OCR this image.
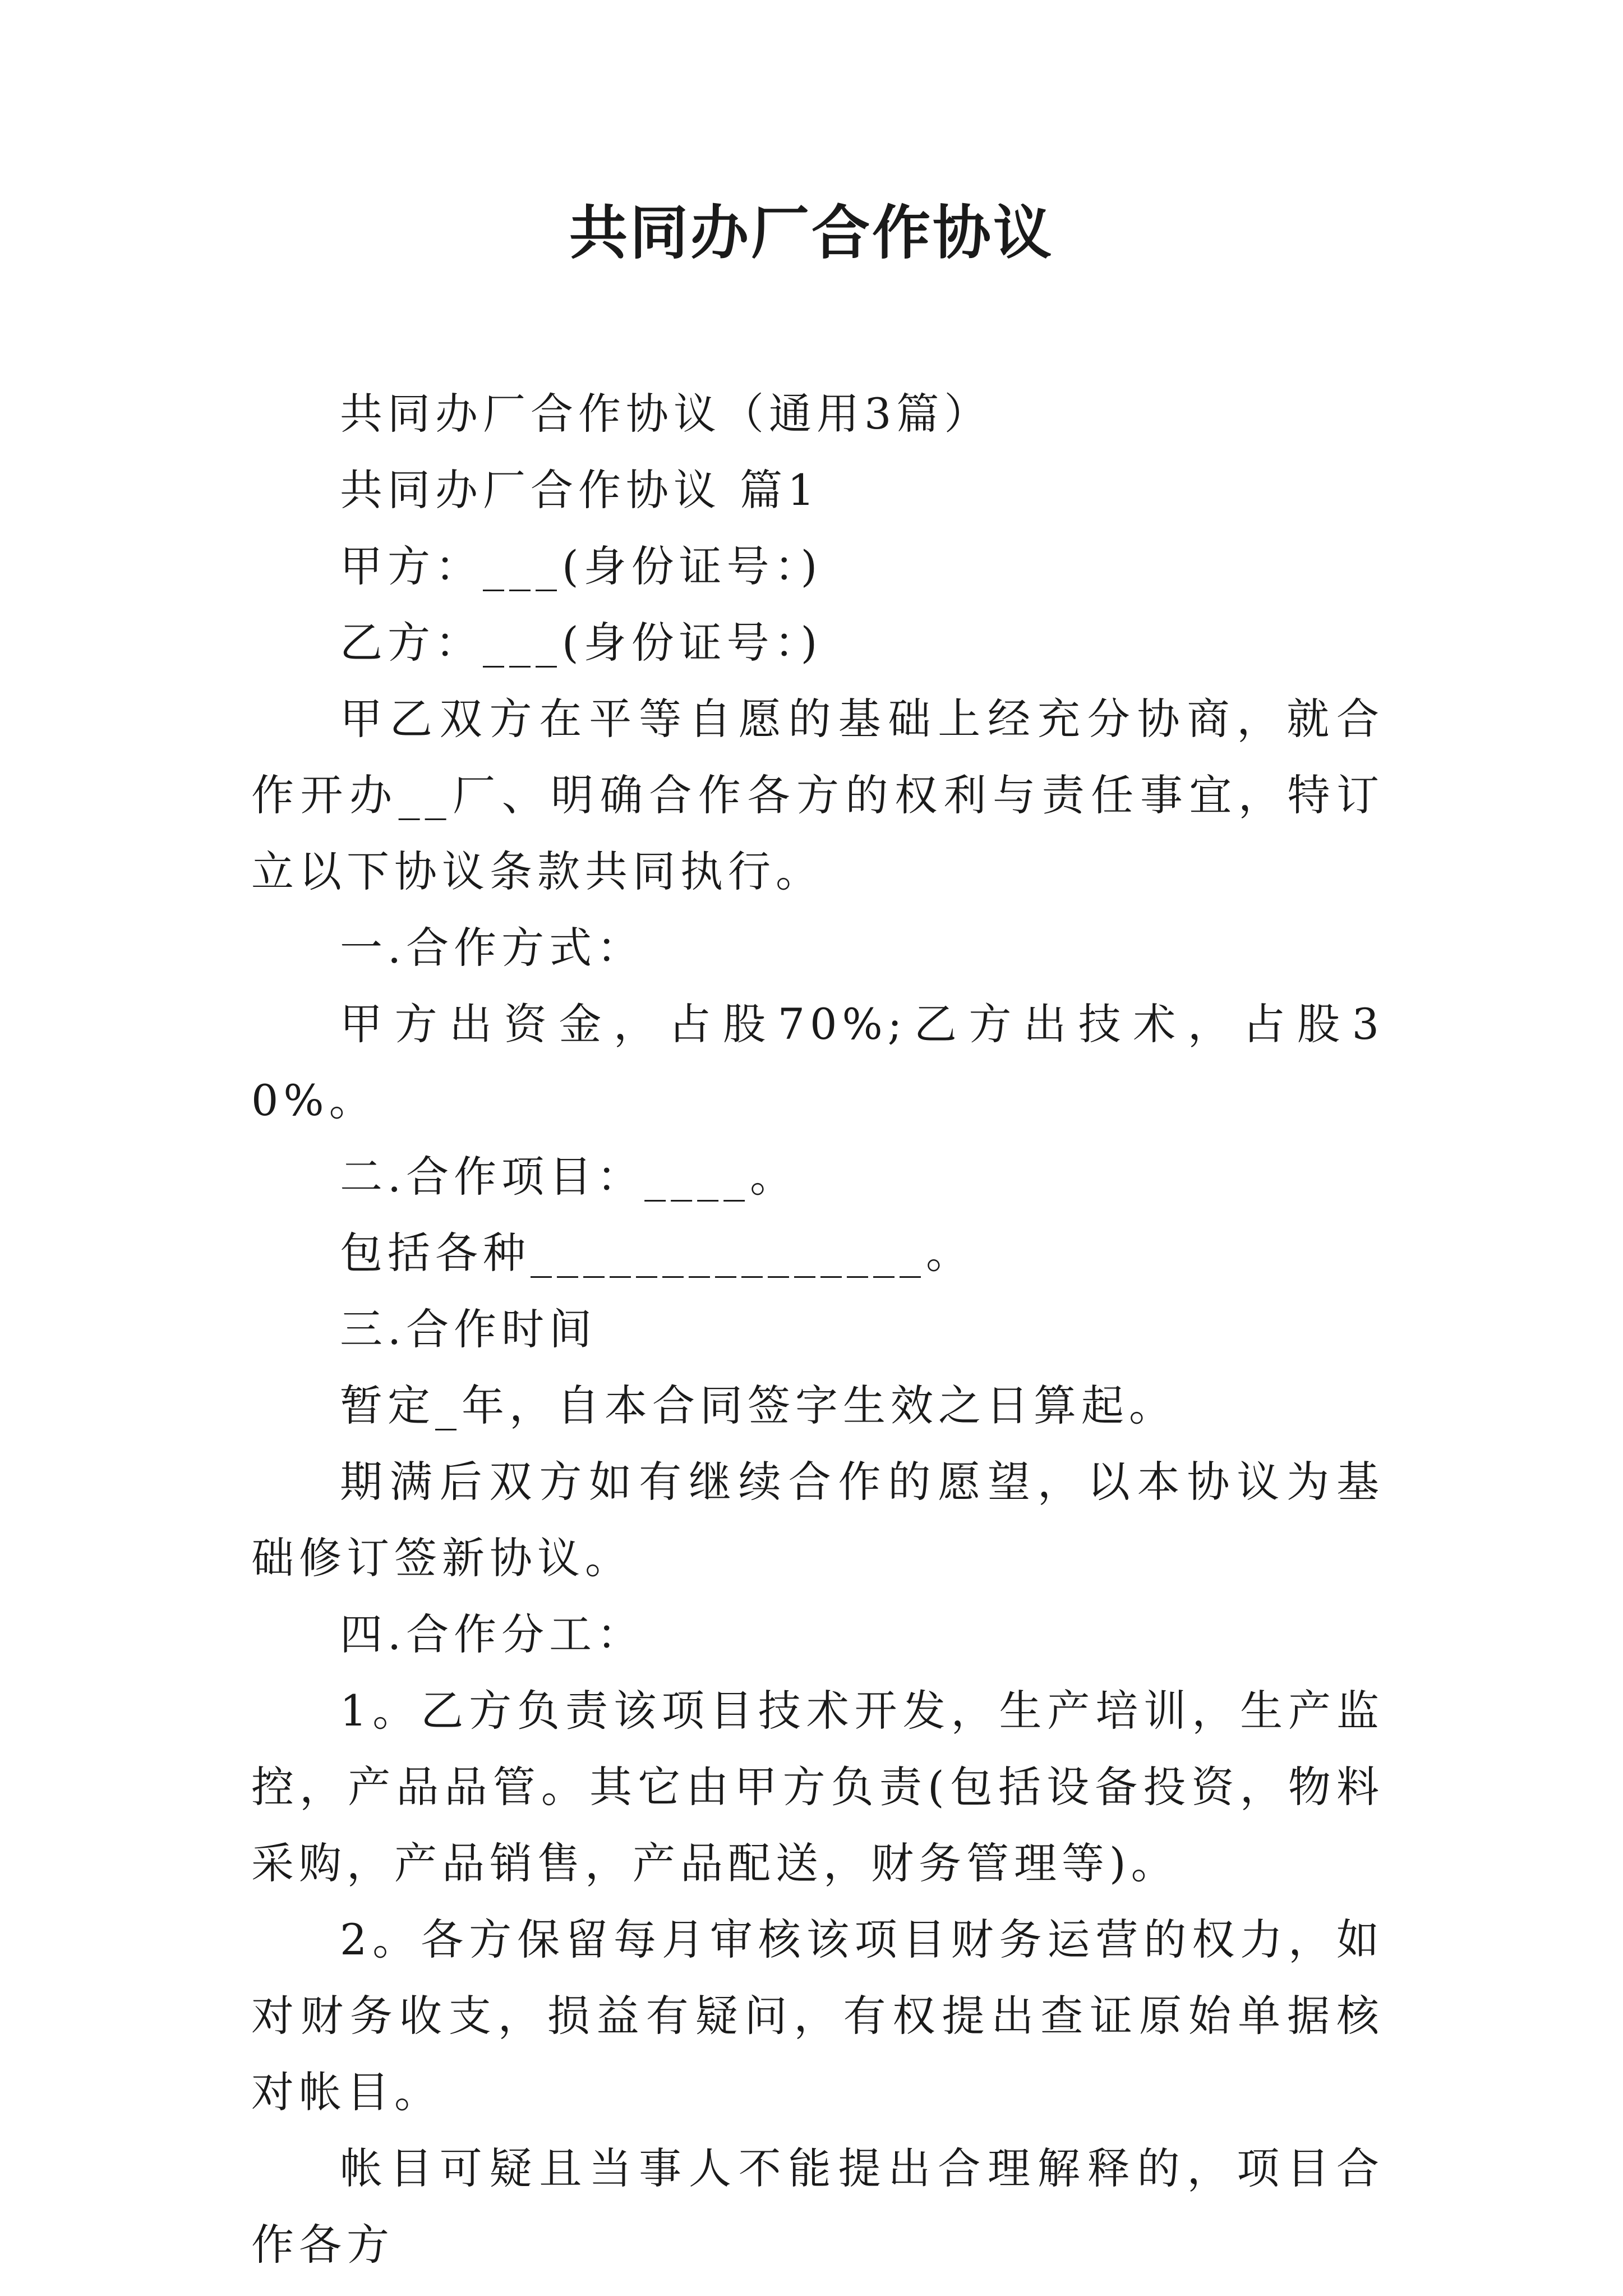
共同办厂合作协议

共同办厂合作协议（通用3篇）

共同办厂合作协议 篇1

甲方：___(身份证号：)

乙方：___(身份证号：)

甲乙双方在平等自愿的基础上经充分协商，就合作开办__厂、明确合作各方的权利与责任事宜，特订立以下协议条款共同执行。

一.合作方式：

甲方出资金，占股70%;乙方出技术，占股30%。

二.合作项目：____。

包括各种_______________。

三.合作时间

暂定_年，自本合同签字生效之日算起。

期满后双方如有继续合作的愿望，以本协议为基础修订签新协议。

四.合作分工：

1。乙方负责该项目技术开发，生产培训，生产监控，产品品管。其它由甲方负责(包括设备投资，物料采购，产品销售，产品配送，财务管理等)。

2。各方保留每月审核该项目财务运营的权力，如对财务收支，损益有疑问，有权提出查证原始单据核对帐目。

帐目可疑且当事人不能提出合理解释的，项目合作各方
